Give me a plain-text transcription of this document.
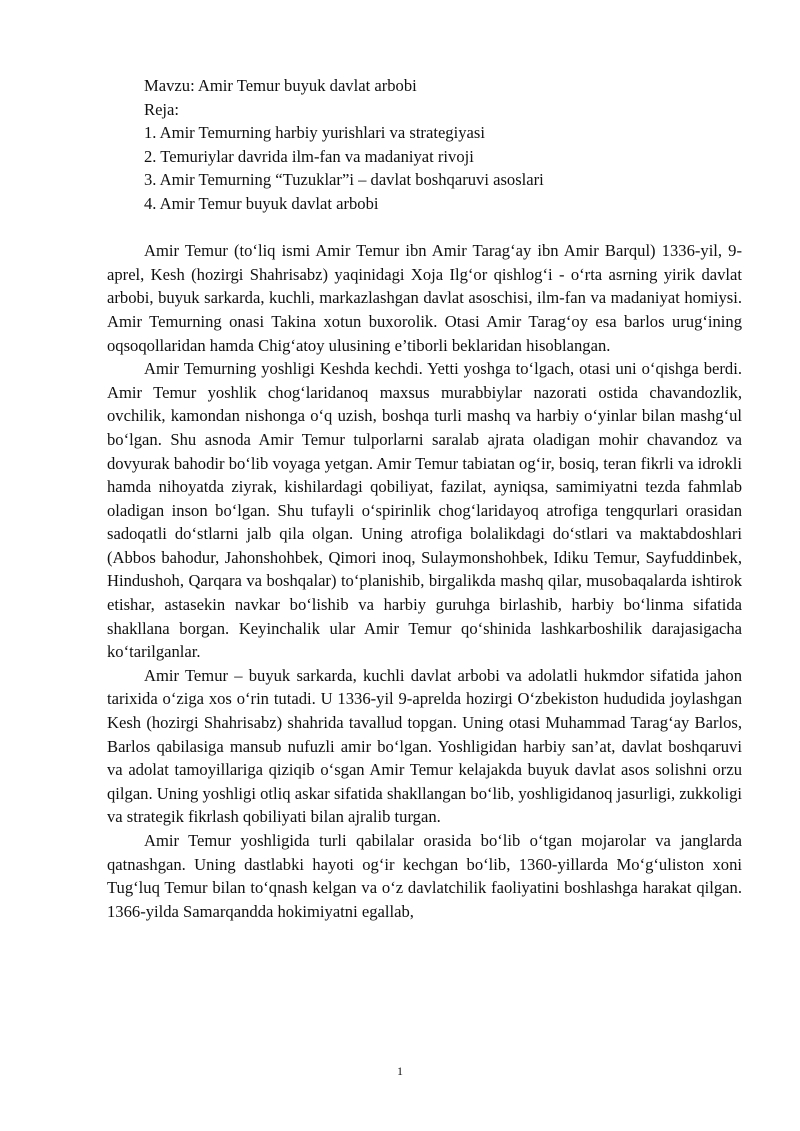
Mavzu: Amir Temur buyuk davlat arbobi

Reja:

1. Amir Temurning harbiy yurishlari va strategiyasi

2. Temuriylar davrida ilm-fan va madaniyat rivoji

3. Amir Temurning “Tuzuklar”i – davlat boshqaruvi asoslari

4. Amir Temur buyuk davlat arbobi

Amir Temur (to‘liq ismi Amir Temur ibn Amir Tarag‘ay ibn Amir Barqul) 1336-yil, 9-aprel, Kesh (hozirgi Shahrisabz) yaqinidagi Xoja Ilg‘or qishlog‘i - o‘rta asrning yirik davlat arbobi, buyuk sarkarda, kuchli, markazlashgan davlat asoschisi, ilm-fan va madaniyat homiysi. Amir Temurning onasi Takina xotun buxorolik. Otasi Amir Tarag‘oy esa barlos urug‘ining oqsoqollaridan hamda Chig‘atoy ulusining e’tiborli beklaridan hisoblangan.

Amir Temurning yoshligi Keshda kechdi. Yetti yoshga to‘lgach, otasi uni o‘qishga berdi. Amir Temur yoshlik chog‘laridanoq maxsus murabbiylar nazorati ostida chavandozlik, ovchilik, kamondan nishonga o‘q uzish, boshqa turli mashq va harbiy o‘yinlar bilan mashg‘ul bo‘lgan. Shu asnoda Amir Temur tulporlarni saralab ajrata oladigan mohir chavandoz va dovyurak bahodir bo‘lib voyaga yetgan. Amir Temur tabiatan og‘ir, bosiq, teran fikrli va idrokli hamda nihoyatda ziyrak, kishilardagi qobiliyat, fazilat, ayniqsa, samimiyatni tezda fahmlab oladigan inson bo‘lgan. Shu tufayli o‘spirinlik chog‘laridayoq atrofiga tengqurlari orasidan sadoqatli do‘stlarni jalb qila olgan. Uning atrofiga bolalikdagi do‘stlari va maktabdoshlari (Abbos bahodur, Jahonshohbek, Qimori inoq, Sulaymonshohbek, Idiku Temur, Sayfuddinbek, Hindushoh, Qarqara va boshqalar) to‘planishib, birgalikda mashq qilar, musobaqalarda ishtirok etishar, astasekin navkar bo‘lishib va harbiy guruhga birlashib, harbiy bo‘linma sifatida shakllana borgan. Keyinchalik ular Amir Temur qo‘shinida lashkarboshilik darajasigacha ko‘tarilganlar.

Amir Temur – buyuk sarkarda, kuchli davlat arbobi va adolatli hukmdor sifatida jahon tarixida o‘ziga xos o‘rin tutadi. U 1336-yil 9-aprelda hozirgi O‘zbekiston hududida joylashgan Kesh (hozirgi Shahrisabz) shahrida tavallud topgan. Uning otasi Muhammad Tarag‘ay Barlos, Barlos qabilasiga mansub nufuzli amir bo‘lgan. Yoshligidan harbiy san’at, davlat boshqaruvi va adolat tamoyillariga qiziqib o‘sgan Amir Temur kelajakda buyuk davlat asos solishni orzu qilgan. Uning yoshligi otliq askar sifatida shakllangan bo‘lib, yoshligidanoq jasurligi, zukkoligi va strategik fikrlash qobiliyati bilan ajralib turgan.

Amir Temur yoshligida turli qabilalar orasida bo‘lib o‘tgan mojarolar va janglarda qatnashgan. Uning dastlabki hayoti og‘ir kechgan bo‘lib, 1360-yillarda Mo‘g‘uliston xoni Tug‘luq Temur bilan to‘qnash kelgan va o‘z davlatchilik faoliyatini boshlashga harakat qilgan. 1366-yilda Samarqandda hokimiyatni egallab,

1
